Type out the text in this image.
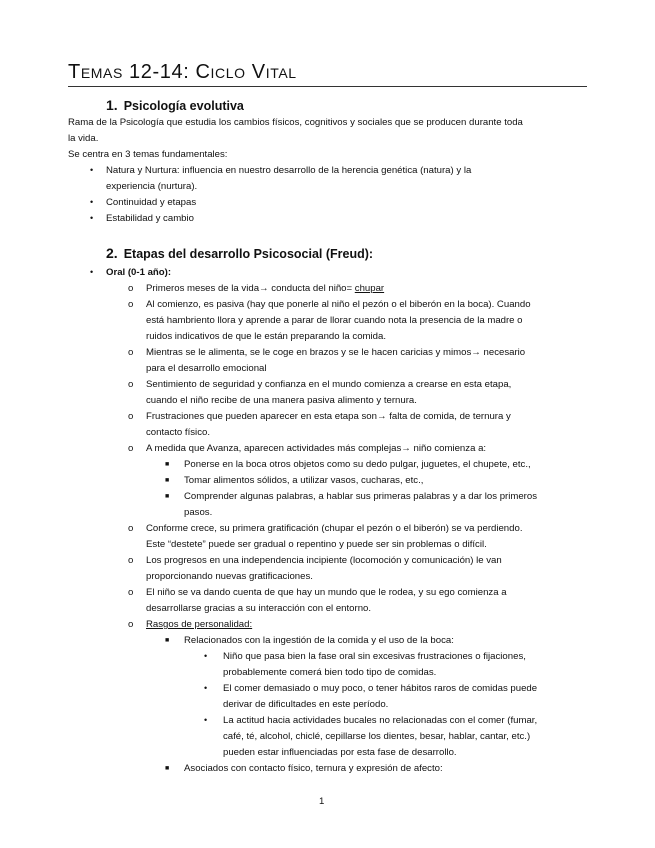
Temas 12-14: Ciclo Vital
1. Psicología evolutiva
Rama de la Psicología que estudia los cambios físicos, cognitivos y sociales que se producen durante toda
la vida.
Se centra en 3 temas fundamentales:
• Natura y Nurtura: influencia en nuestro desarrollo de la herencia genética (natura) y la
experiencia (nurtura).
• Continuidad y etapas
• Estabilidad y cambio
2. Etapas del desarrollo Psicosocial (Freud):
• Oral (0-1 año):
o Primeros meses de la vida→ conducta del niño= chupar
o Al comienzo, es pasiva (hay que ponerle al niño el pezón o el biberón en la boca). Cuando
está hambriento llora y aprende a parar de llorar cuando nota la presencia de la madre o
ruidos indicativos de que le están preparando la comida.
o Mientras se le alimenta, se le coge en brazos y se le hacen caricias y mimos→ necesario
para el desarrollo emocional
o Sentimiento de seguridad y confianza en el mundo comienza a crearse en esta etapa,
cuando el niño recibe de una manera pasiva alimento y ternura.
o Frustraciones que pueden aparecer en esta etapa son→ falta de comida, de ternura y
contacto físico.
o A medida que Avanza, aparecen actividades más complejas→ niño comienza a:
■ Ponerse en la boca otros objetos como su dedo pulgar, juguetes, el chupete, etc.,
■ Tomar alimentos sólidos, a utilizar vasos, cucharas, etc.,
■ Comprender algunas palabras, a hablar sus primeras palabras y a dar los primeros
pasos.
o Conforme crece, su primera gratificación (chupar el pezón o el biberón) se va perdiendo.
Este “destete” puede ser gradual o repentino y puede ser sin problemas o difícil.
o Los progresos en una independencia incipiente (locomoción y comunicación) le van
proporcionando nuevas gratificaciones.
o El niño se va dando cuenta de que hay un mundo que le rodea, y su ego comienza a
desarrollarse gracias a su interacción con el entorno.
o Rasgos de personalidad:
■ Relacionados con la ingestión de la comida y el uso de la boca:
• Niño que pasa bien la fase oral sin excesivas frustraciones o fijaciones,
probablemente comerá bien todo tipo de comidas.
• El comer demasiado o muy poco, o tener hábitos raros de comidas puede
derivar de dificultades en este período.
• La actitud hacia actividades bucales no relacionadas con el comer (fumar,
café, té, alcohol, chiclé, cepillarse los dientes, besar, hablar, cantar, etc.)
pueden estar influenciadas por esta fase de desarrollo.
■ Asociados con contacto físico, ternura y expresión de afecto:
1
